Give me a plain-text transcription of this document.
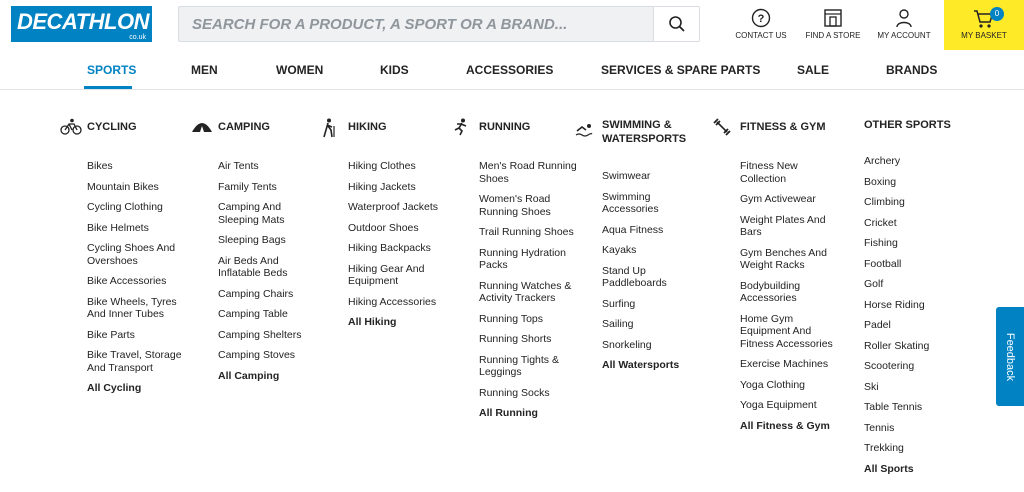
DECATHLON
co.uk
SEARCH FOR A PRODUCT, A SPORT OR A BRAND...
?
CONTACT US	FIND A STORE	MY ACCOUNT
0
MY BASKET
SPORTS	MEN	WOMEN	KIDS	ACCESSORIES	SERVICES & SPARE PARTS	SALE	BRANDS
CYCLING
Bikes
Mountain Bikes
Cycling Clothing
Bike Helmets
Cycling Shoes And Overshoes
Bike Accessories
Bike Wheels, Tyres And Inner Tubes
Bike Parts
Bike Travel, Storage And Transport
All Cycling
CAMPING
Air Tents
Family Tents
Camping And Sleeping Mats
Sleeping Bags
Air Beds And Inflatable Beds
Camping Chairs
Camping Table
Camping Shelters
Camping Stoves
All Camping
HIKING
Hiking Clothes
Hiking Jackets
Waterproof Jackets
Outdoor Shoes
Hiking Backpacks
Hiking Gear And Equipment
Hiking Accessories
All Hiking
RUNNING
Men's Road Running Shoes
Women's Road Running Shoes
Trail Running Shoes
Running Hydration Packs
Running Watches & Activity Trackers
Running Tops
Running Shorts
Running Tights & Leggings
Running Socks
All Running
SWIMMING & WATERSPORTS
Swimwear
Swimming Accessories
Aqua Fitness
Kayaks
Stand Up Paddleboards
Surfing
Sailing
Snorkeling
All Watersports
FITNESS & GYM
Fitness New Collection
Gym Activewear
Weight Plates And Bars
Gym Benches And Weight Racks
Bodybuilding Accessories
Home Gym Equipment And Fitness Accessories
Exercise Machines
Yoga Clothing
Yoga Equipment
All Fitness & Gym
OTHER SPORTS
Archery
Boxing
Climbing
Cricket
Fishing
Football
Golf
Horse Riding
Padel
Roller Skating
Scootering
Ski
Table Tennis
Tennis
Trekking
All Sports
Feedback
